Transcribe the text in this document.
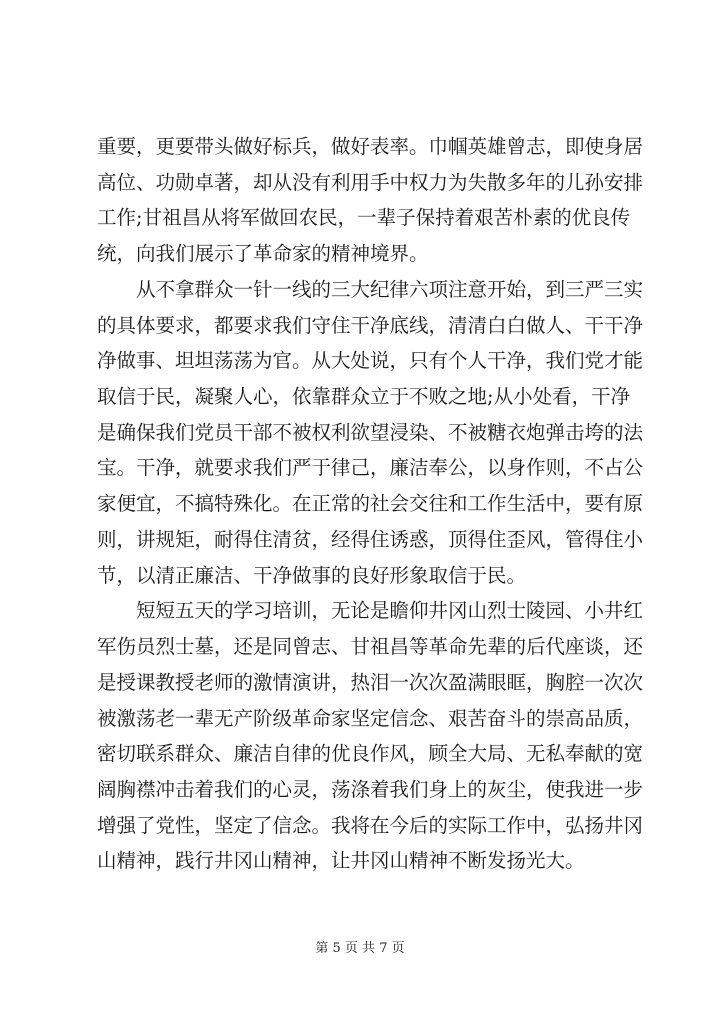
重要，更要带头做好标兵，做好表率。巾帼英雄曾志，即使身居
高位、功勋卓著，却从没有利用手中权力为失散多年的儿孙安排
工作;甘祖昌从将军做回农民，一辈子保持着艰苦朴素的优良传
统，向我们展示了革命家的精神境界。
从不拿群众一针一线的三大纪律六项注意开始，到三严三实
的具体要求，都要求我们守住干净底线，清清白白做人、干干净
净做事、坦坦荡荡为官。从大处说，只有个人干净，我们党才能
取信于民，凝聚人心，依靠群众立于不败之地;从小处看，干净
是确保我们党员干部不被权利欲望浸染、不被糖衣炮弹击垮的法
宝。干净，就要求我们严于律己，廉洁奉公，以身作则，不占公
家便宜，不搞特殊化。在正常的社会交往和工作生活中，要有原
则，讲规矩，耐得住清贫，经得住诱惑，顶得住歪风，管得住小
节，以清正廉洁、干净做事的良好形象取信于民。
短短五天的学习培训，无论是瞻仰井冈山烈士陵园、小井红
军伤员烈士墓，还是同曾志、甘祖昌等革命先辈的后代座谈，还
是授课教授老师的激情演讲，热泪一次次盈满眼眶，胸腔一次次
被激荡老一辈无产阶级革命家坚定信念、艰苦奋斗的崇高品质，
密切联系群众、廉洁自律的优良作风，顾全大局、无私奉献的宽
阔胸襟冲击着我们的心灵，荡涤着我们身上的灰尘，使我进一步
增强了党性，坚定了信念。我将在今后的实际工作中，弘扬井冈
山精神，践行井冈山精神，让井冈山精神不断发扬光大。
第 5 页 共 7 页
